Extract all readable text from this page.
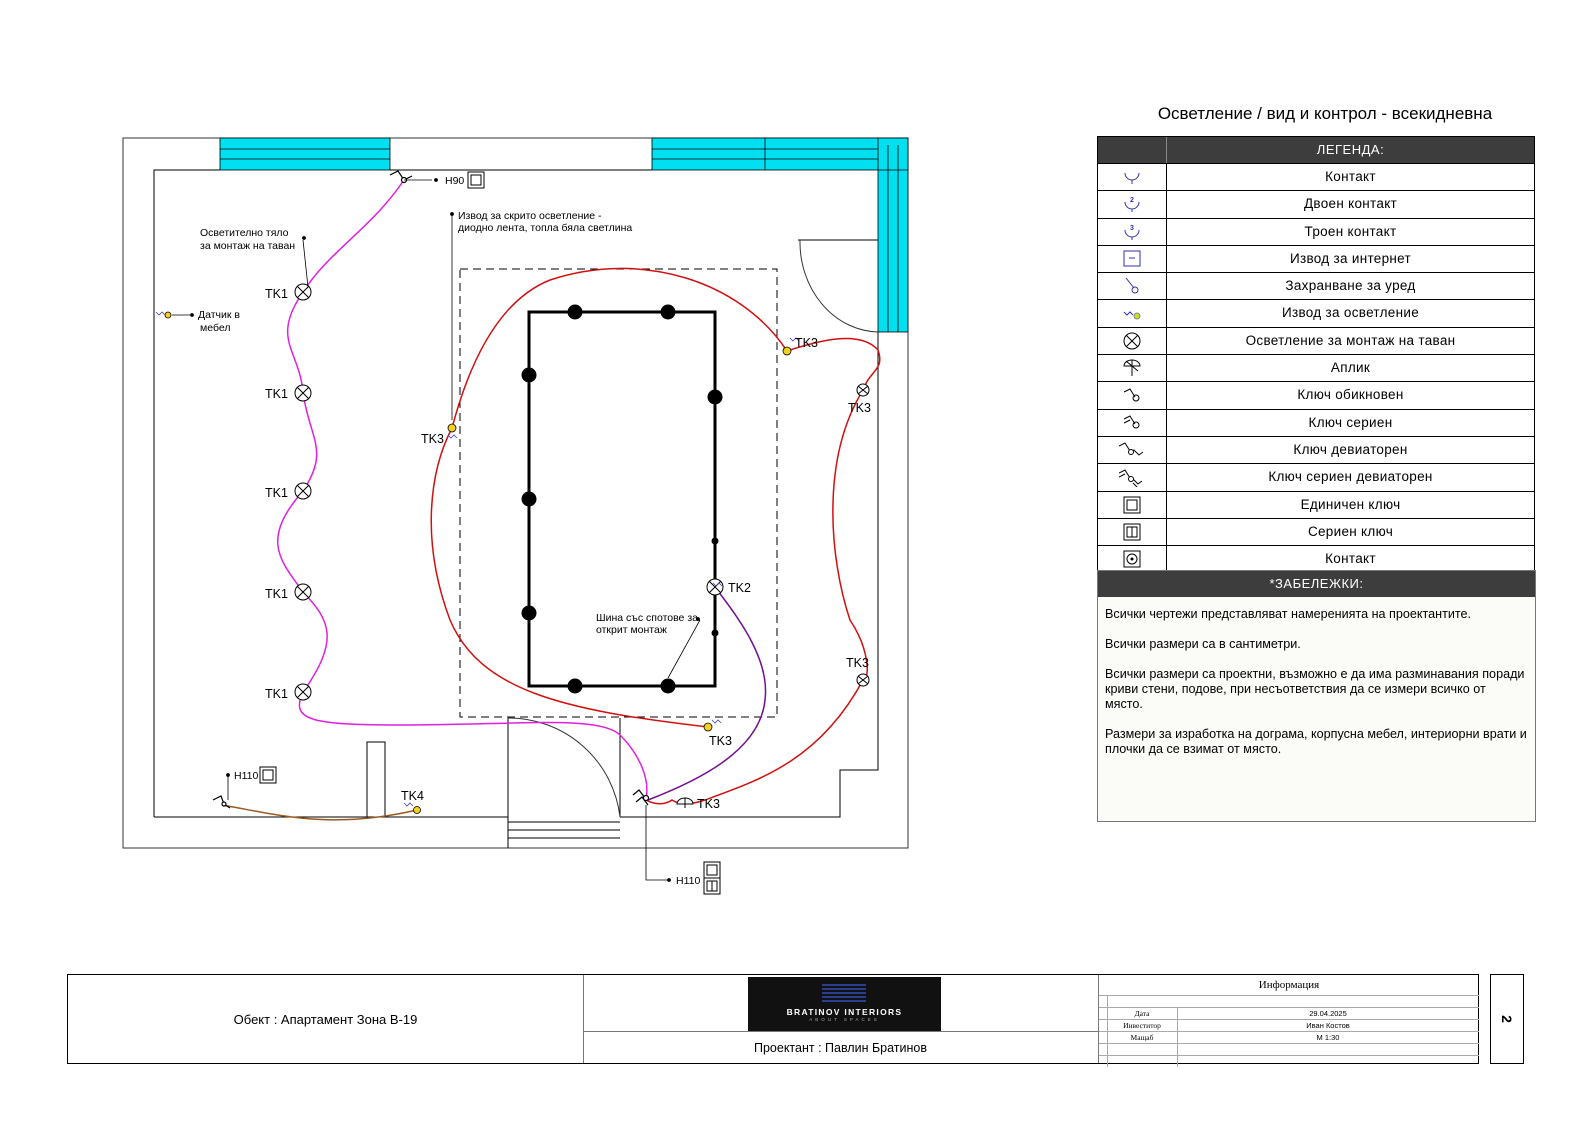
H90
H110
H110
Осветително тяло
за монтаж на таван
Извод за скрито осветление -
диодно лента, топла бяла светлина
Датчик в
мебел
Шина със спотове за
открит монтаж
TK1
TK1
TK1
TK1
TK1
TK3
TK3
TK3
TK3
TK3
TK3
TK2
TK4
Осветление / вид и контрол - всекидневна
ЛЕГЕНДА:
Контакт
2	Двоен контакт
3	Троен контакт
Извод за интернет
Захранване за уред
Извод за осветление
Осветление за монтаж на таван
Аплик
Ключ обикновен
Ключ сериен
Ключ девиаторен
Ключ сериен девиаторен
Единичен ключ
Сериен ключ
Контакт
*ЗАБЕЛЕЖКИ:

Всички чертежи представляват намеренията на проектантите.

Всички размери са в сантиметри.

Всички размери са проектни, възможно е да има разминавания поради криви стени, подове, при несъответствия да се измери всичко от място.

Размери за изработка на дограма, корпусна мебел, интериорни врати и плочки да се взимат от място.

Обект : Апартамент Зона В-19	BRATINOV INTERIORS
ABOUT SPACES
Проектант : Павлин Братинов
Информация
Дата	29.04.2025
Инвеститор	Иван Костов
Мащаб	М 1:30
2
